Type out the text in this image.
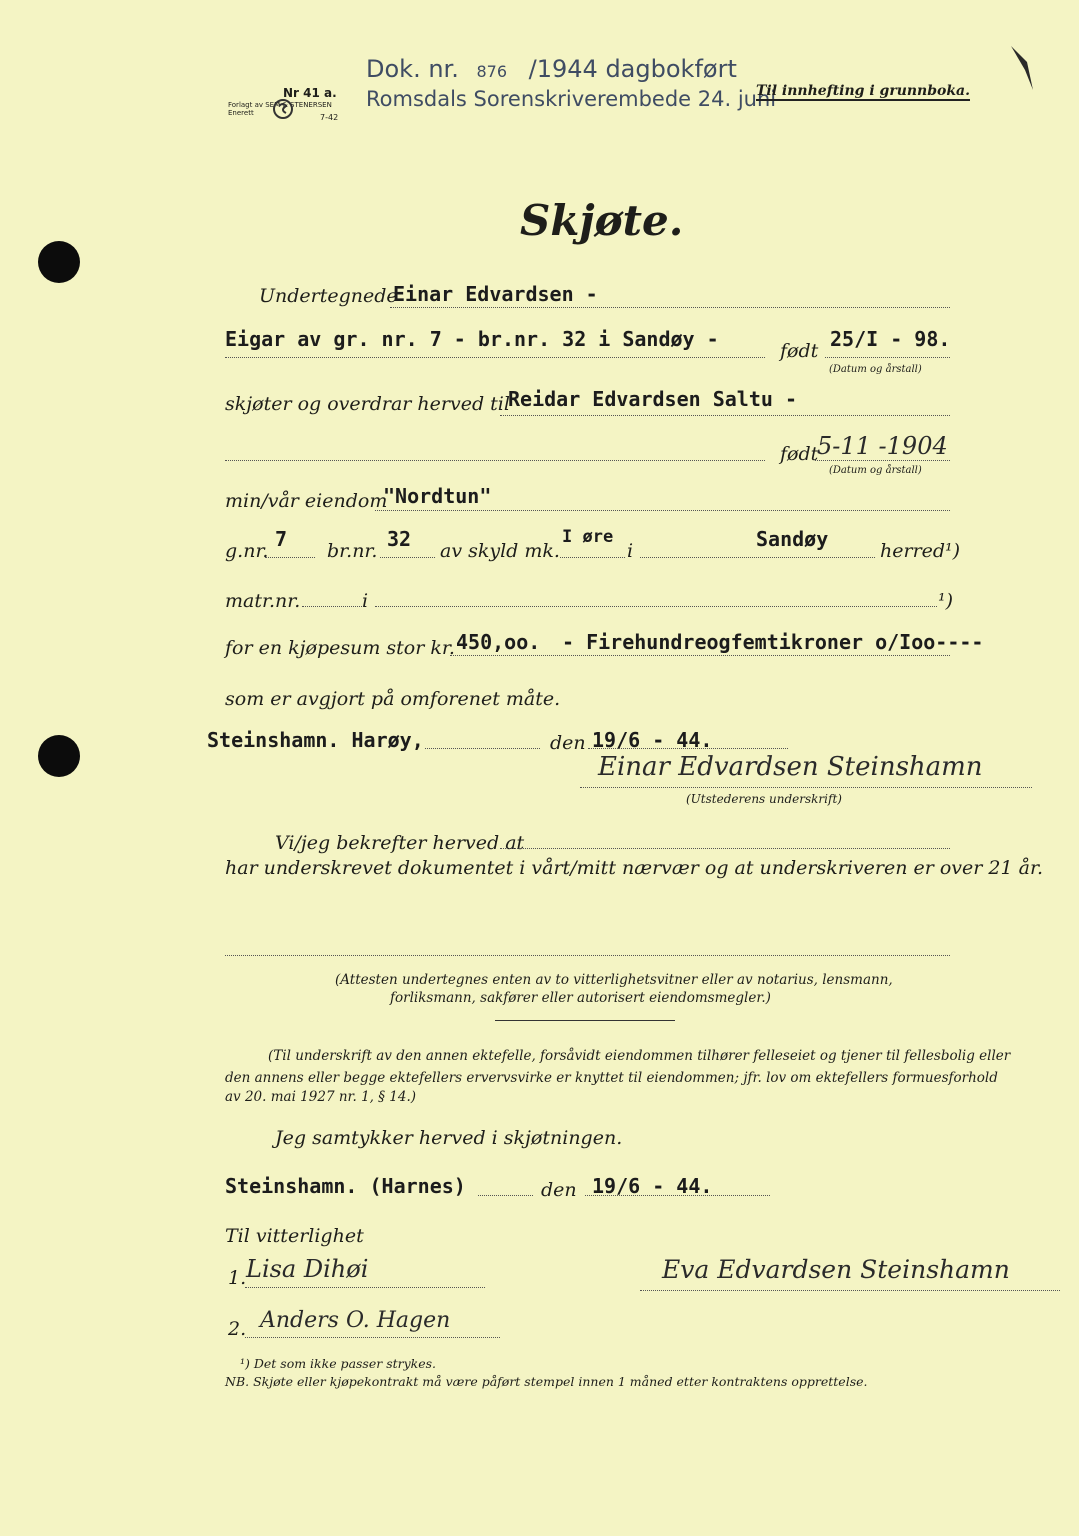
Nr 41 a.
Forlagt av SEM & STENERSEN
Enerett	7-42
Dok. nr. 876 /1944 dagbokført
Romsdals Sorenskriverembede 24. juni
Til innhefting i grunnboka.
Skjøte.
Undertegnede
Einar Edvardsen -
Eigar av gr. nr. 7 - br.nr. 32 i Sandøy -	født 25/I - 98.
(Datum og årstall)
skjøter og overdrar herved til
Reidar Edvardsen Saltu -
født
5-11 -1904
(Datum og årstall)
min/vår eiendom
"Nordtun"
g.nr. 7 br.nr. 32 av skyld mk.
I øre
i	Sandøy	herred¹)
matr.nr.	i	¹)
for en kjøpesum stor kr. 450,oo. - Firehundreogfemtikroner o/Ioo----
som er avgjort på omforenet måte.
Steinshamn. Harøy,	den 19/6 - 44.
Einar Edvardsen Steinshamn
(Utstederens underskrift)
Vi/jeg bekrefter herved at
har underskrevet dokumentet i vårt/mitt nærvær og at underskriveren er over 21 år.
(Attesten undertegnes enten av to vitterlighetsvitner eller av notarius, lensmann,
forliksmann, sakfører eller autorisert eiendomsmegler.)
(Til underskrift av den annen ektefelle, forsåvidt eiendommen tilhører felleseiet og tjener til fellesbolig eller
den annens eller begge ektefellers ervervsvirke er knyttet til eiendommen; jfr. lov om ektefellers formuesforhold
av 20. mai 1927 nr. 1, § 14.)
Jeg samtykker herved i skjøtningen.
Steinshamn. (Harnes)	den 19/6 - 44.
Til vitterlighet
1. Lisa Dihøi
2. Anders O. Hagen
Eva Edvardsen Steinshamn
¹) Det som ikke passer strykes.
NB. Skjøte eller kjøpekontrakt må være påført stempel innen 1 måned etter kontraktens opprettelse.
